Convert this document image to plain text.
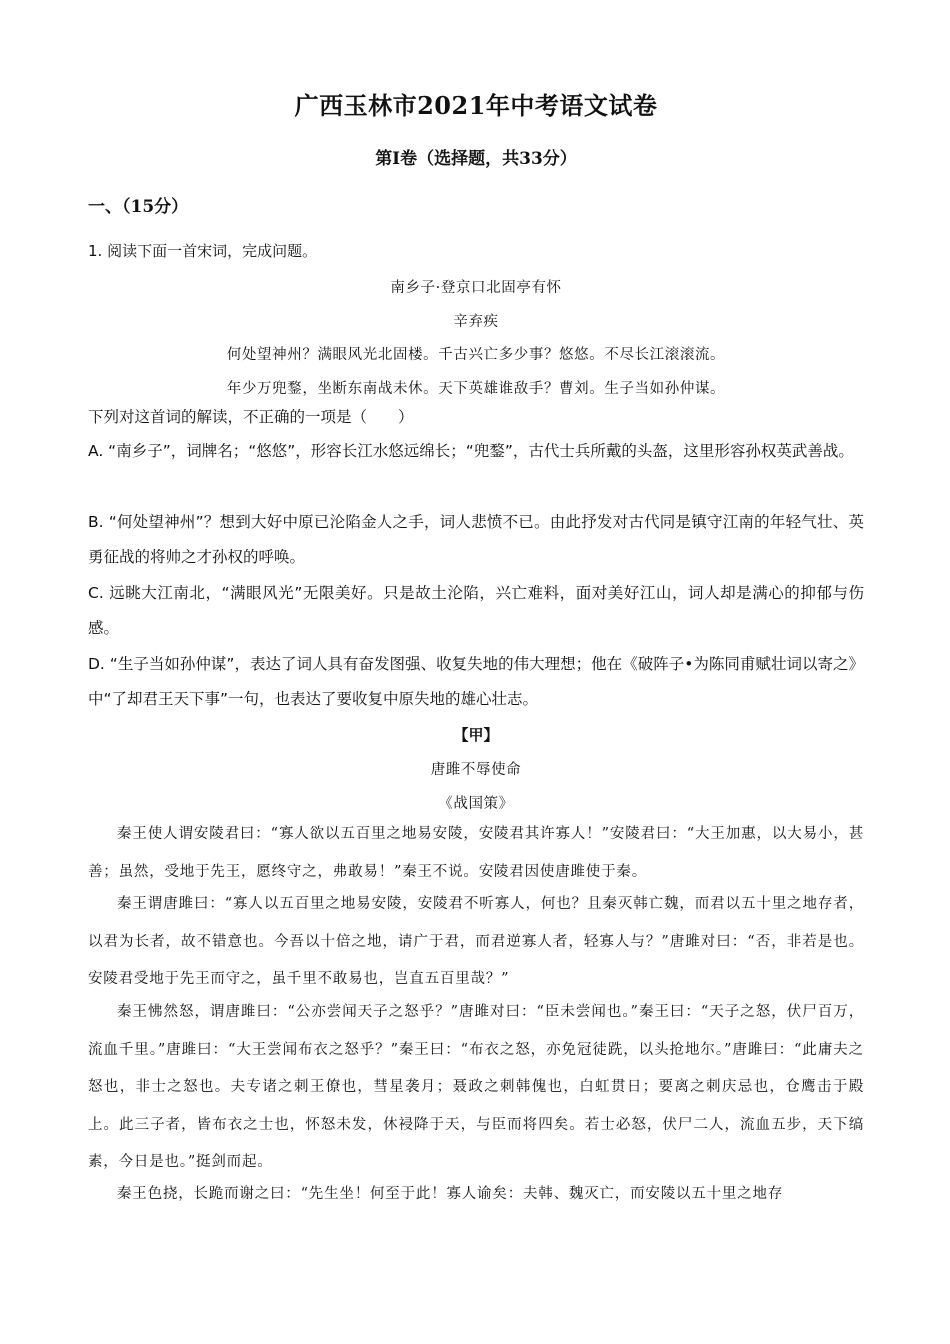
广西玉林市2021年中考语文试卷
第Ⅰ卷（选择题，共33分）
一、（15分）
1. 阅读下面一首宋词，完成问题。
南乡子·登京口北固亭有怀
辛弃疾
何处望神州？满眼风光北固楼。千古兴亡多少事？悠悠。不尽长江滚滚流。
年少万兜鍪，坐断东南战未休。天下英雄谁敌手？曹刘。生子当如孙仲谋。
下列对这首词的解读，不正确的一项是（　　）
A. “南乡子”，词牌名；“悠悠”，形容长江水悠远绵长；“兜鍪”，古代士兵所戴的头盔，这里形容孙权英武善战。
B. “何处望神州”？想到大好中原已沦陷金人之手，词人悲愤不已。由此抒发对古代同是镇守江南的年轻气壮、英勇征战的将帅之才孙权的呼唤。
C. 远眺大江南北，“满眼风光”无限美好。只是故土沦陷，兴亡难料，面对美好江山，词人却是满心的抑郁与伤感。
D. “生子当如孙仲谋”，表达了词人具有奋发图强、收复失地的伟大理想；他在《破阵子•为陈同甫赋壮词以寄之》中“了却君王天下事”一句，也表达了要收复中原失地的雄心壮志。
【甲】
唐雎不辱使命
《战国策》
秦王使人谓安陵君曰：“寡人欲以五百里之地易安陵，安陵君其许寡人！”安陵君曰：“大王加惠，以大易小，甚善；虽然，受地于先王，愿终守之，弗敢易！”秦王不说。安陵君因使唐雎使于秦。
秦王谓唐雎曰：“寡人以五百里之地易安陵，安陵君不听寡人，何也？且秦灭韩亡魏，而君以五十里之地存者，以君为长者，故不错意也。今吾以十倍之地，请广于君，而君逆寡人者，轻寡人与？”唐雎对曰：“否，非若是也。安陵君受地于先王而守之，虽千里不敢易也，岂直五百里哉？”
秦王怫然怒，谓唐雎曰：“公亦尝闻天子之怒乎？”唐雎对曰：“臣未尝闻也。”秦王曰：“天子之怒，伏尸百万，流血千里。”唐雎曰：“大王尝闻布衣之怒乎？”秦王曰：“布衣之怒，亦免冠徒跣，以头抢地尔。”唐雎曰：“此庸夫之怒也，非士之怒也。夫专诸之刺王僚也，彗星袭月；聂政之刺韩傀也，白虹贯日；要离之刺庆忌也，仓鹰击于殿上。此三子者，皆布衣之士也，怀怒未发，休祲降于天，与臣而将四矣。若士必怒，伏尸二人，流血五步，天下缟素，今日是也。”挺剑而起。
秦王色挠，长跪而谢之曰：“先生坐！何至于此！寡人谕矣：夫韩、魏灭亡，而安陵以五十里之地存
